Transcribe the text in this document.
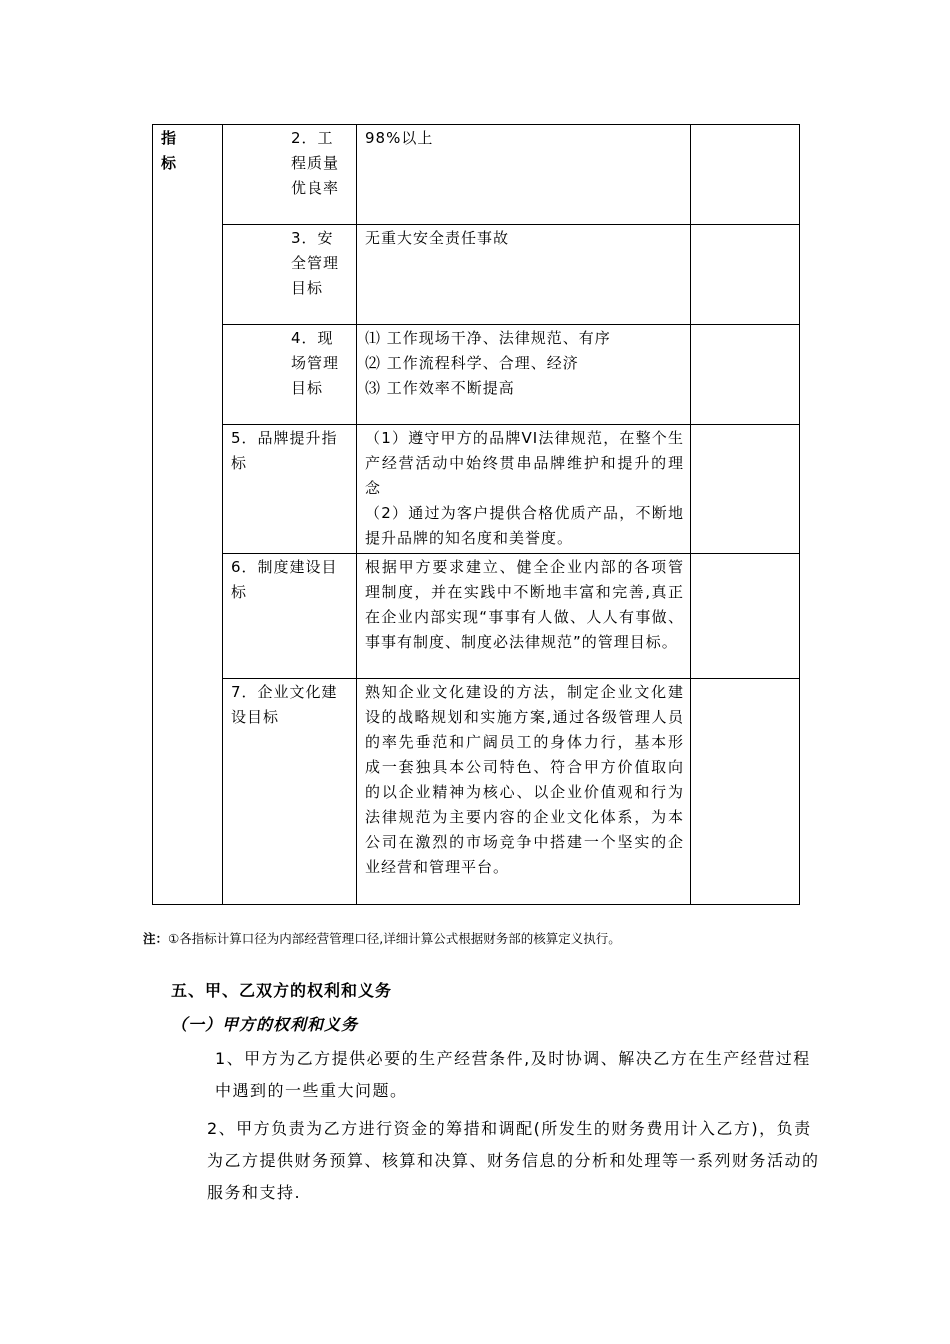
指标	2．工程质量优良率	98%以上	

	3．安全管理目标	无重大安全责任事故	

	4．现场管理目标	⑴ 工作现场干净、法律规范、有序
⑵ 工作流程科学、合理、经济
⑶ 工作效率不断提高	

	5．品牌提升指标	（1）遵守甲方的品牌VI法律规范，在整个生产经营活动中始终贯串品牌维护和提升的理念
（2）通过为客户提供合格优质产品，不断地提升品牌的知名度和美誉度。	

	6．制度建设目标	根据甲方要求建立、健全企业内部的各项管理制度，并在实践中不断地丰富和完善,真正在企业内部实现“事事有人做、人人有事做、事事有制度、制度必法律规范”的管理目标。	

	7．企业文化建设目标	熟知企业文化建设的方法，制定企业文化建设的战略规划和实施方案,通过各级管理人员的率先垂范和广阔员工的身体力行，基本形成一套独具本公司特色、符合甲方价值取向的以企业精神为核心、以企业价值观和行为法律规范为主要内容的企业文化体系，为本公司在激烈的市场竞争中搭建一个坚实的企业经营和管理平台。	

注：①各指标计算口径为内部经营管理口径,详细计算公式根据财务部的核算定义执行。
五、甲、乙双方的权利和义务
（一）甲方的权利和义务
1、甲方为乙方提供必要的生产经营条件,及时协调、解决乙方在生产经营过程中遇到的一些重大问题。
2、甲方负责为乙方进行资金的筹措和调配(所发生的财务费用计入乙方)，负责为乙方提供财务预算、核算和决算、财务信息的分析和处理等一系列财务活动的服务和支持.
